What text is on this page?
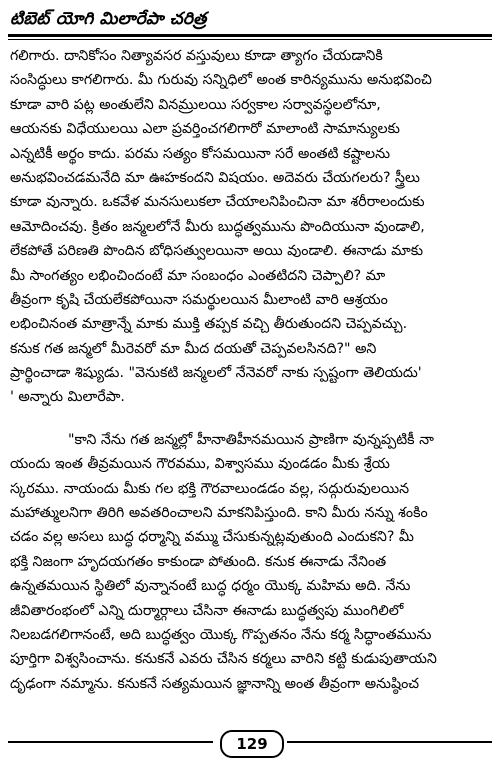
టిబెట్ యోగి మిలారేపా చరిత్ర
గలిగారు. దానికోసం నిత్యావసర వస్తువులు కూడా త్యాగం చేయడానికి
సంసిద్ధులు కాగలిగారు. మీ గురువు సన్నిధిలో అంత కారిన్యమును అనుభవించి
కూడా వారి పట్ల అంతులేని వినమ్రులయి సర్వకాల సర్వావస్థలలోనూ,
ఆయనకు విధేయులయి ఎలా ప్రవర్తించగలిగారో మాలాంటి సామాన్యులకు
ఎన్నటికీ అర్థం కాదు. పరమ సత్యం కోసమయినా సరే అంతటి కష్టాలను
అనుభవించడమనేది మా ఊహకందని విషయం. అదెవరు చేయగలరు? స్త్రీలు
కూడా వున్నారు. ఒకవేళ మనసులుకలా చేయాలనిపించినా మా శరీరాలందుకు
ఆమోదించవు. క్రితం జన్మలలోనే మీరు బుద్ధత్వమును పొందియునా వుండాలి,
లేకపోతే పరిణతి పొందిన బోధిసత్వులయినా అయి వుండాలి. ఈనాడు మాకు
మీ సాంగత్యం లభించిందంటే మా సంబంధం ఎంతటిదని చెప్పాలి? మా
తీవ్రంగా కృషి చేయలేకపోయినా సమర్థులయిన మీలాంటి వారి ఆశ్రయం
లభించినంత మాత్రాన్నే మాకు ముక్తి తప్పక వచ్చి తీరుతుందని చెప్పవచ్చు.
కనుక గత జన్మలో మీరెవరో మా మీద దయతో చెప్పవలసినది?" అని
ప్రార్థించాడా శిష్యుడు. "వెనుకటి జన్మలలో నేనెవరో నాకు స్పష్టంగా తెలియదు'
' అన్నారు మిలారేపా.
"కాని నేను గత జన్మల్లో హీనాతిహీనమయిన ప్రాణిగా వున్నప్పటికీ నా
యందు ఇంత తీవ్రమయిన గౌరవము, విశ్వాసము వుండడం మీకు శ్రేయ
స్కరము. నాయందు మీకు గల భక్తి గౌరవాలుండడం వల్ల, సద్గురువులయిన
మహాత్ములనిగా తిరిగి అవతరించాలని మాకనిపిస్తుంది. కాని మీరు నన్ను శంకిం
చడం వల్ల అసలు బుద్ధ ధర్మాన్ని వమ్ము చేసుకున్నట్లవుతుంది ఎందుకని? మీ
భక్తి నిజంగా హృదయగతం కాకుండా పోతుంది. కనుక ఈనాడు నేనింత
ఉన్నతమయిన స్థితిలో వున్నానంటే బుద్ధ ధర్మం యొక్క మహిమ అది. నేను
జీవితారంభంలో ఎన్ని దుర్మార్గాలు చేసినా ఈనాడు బుద్ధత్వపు ముంగిలిలో
నిలబడగలిగానంటే, అది బుద్ధత్వం యొక్క గొప్పతనం నేను కర్మ సిద్ధాంతమును
పూర్తిగా విశ్వసించాను. కనుకనే ఎవరు చేసిన కర్మలు వారిని కట్టి కుడుపుతాయని
దృఢంగా నమ్మాను. కనుకనే సత్యమయిన జ్ఞానాన్ని అంత తీవ్రంగా అనుష్ఠించ
129
